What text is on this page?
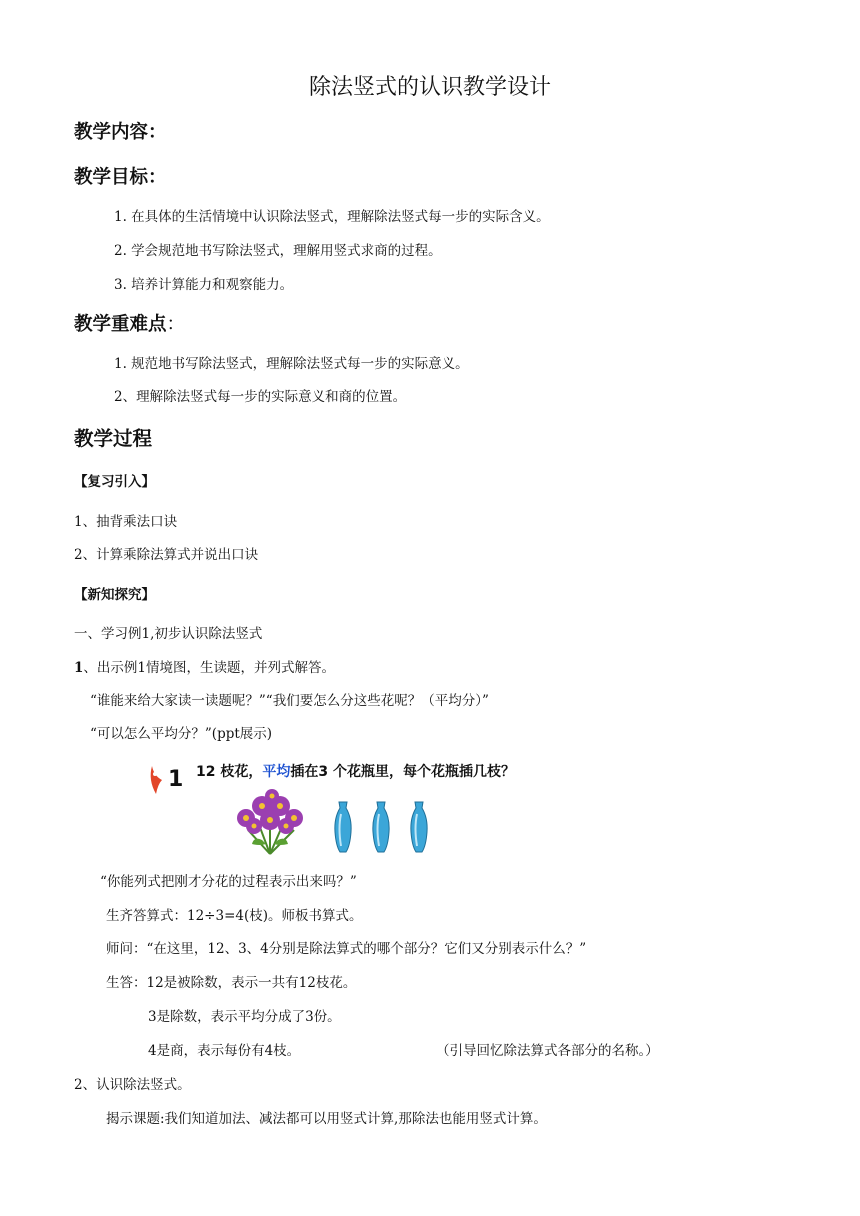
除法竖式的认识教学设计
教学内容：
教学目标：
1. 在具体的生活情境中认识除法竖式，理解除法竖式每一步的实际含义。
2. 学会规范地书写除法竖式，理解用竖式求商的过程。
3. 培养计算能力和观察能力。
教学重难点：
1. 规范地书写除法竖式，理解除法竖式每一步的实际意义。
2、理解除法竖式每一步的实际意义和商的位置。
教学过程
【复习引入】
1、抽背乘法口诀
2、计算乘除法算式并说出口诀
【新知探究】
一、学习例1,初步认识除法竖式
1、出示例1情境图，生读题，并列式解答。
“谁能来给大家读一读题呢？”“我们要怎么分这些花呢？（平均分）”
“可以怎么平均分？”(ppt展示)
1 12 枝花，平均插在3 个花瓶里，每个花瓶插几枝？
“你能列式把刚才分花的过程表示出来吗？”
生齐答算式：12÷3=4(枝)。师板书算式。
师问：“在这里，12、3、4分别是除法算式的哪个部分？它们又分别表示什么？”
生答：12是被除数，表示一共有12枝花。
3是除数，表示平均分成了3份。
4是商，表示每份有4枝。	（引导回忆除法算式各部分的名称。）
2、认识除法竖式。
揭示课题:我们知道加法、减法都可以用竖式计算,那除法也能用竖式计算。
